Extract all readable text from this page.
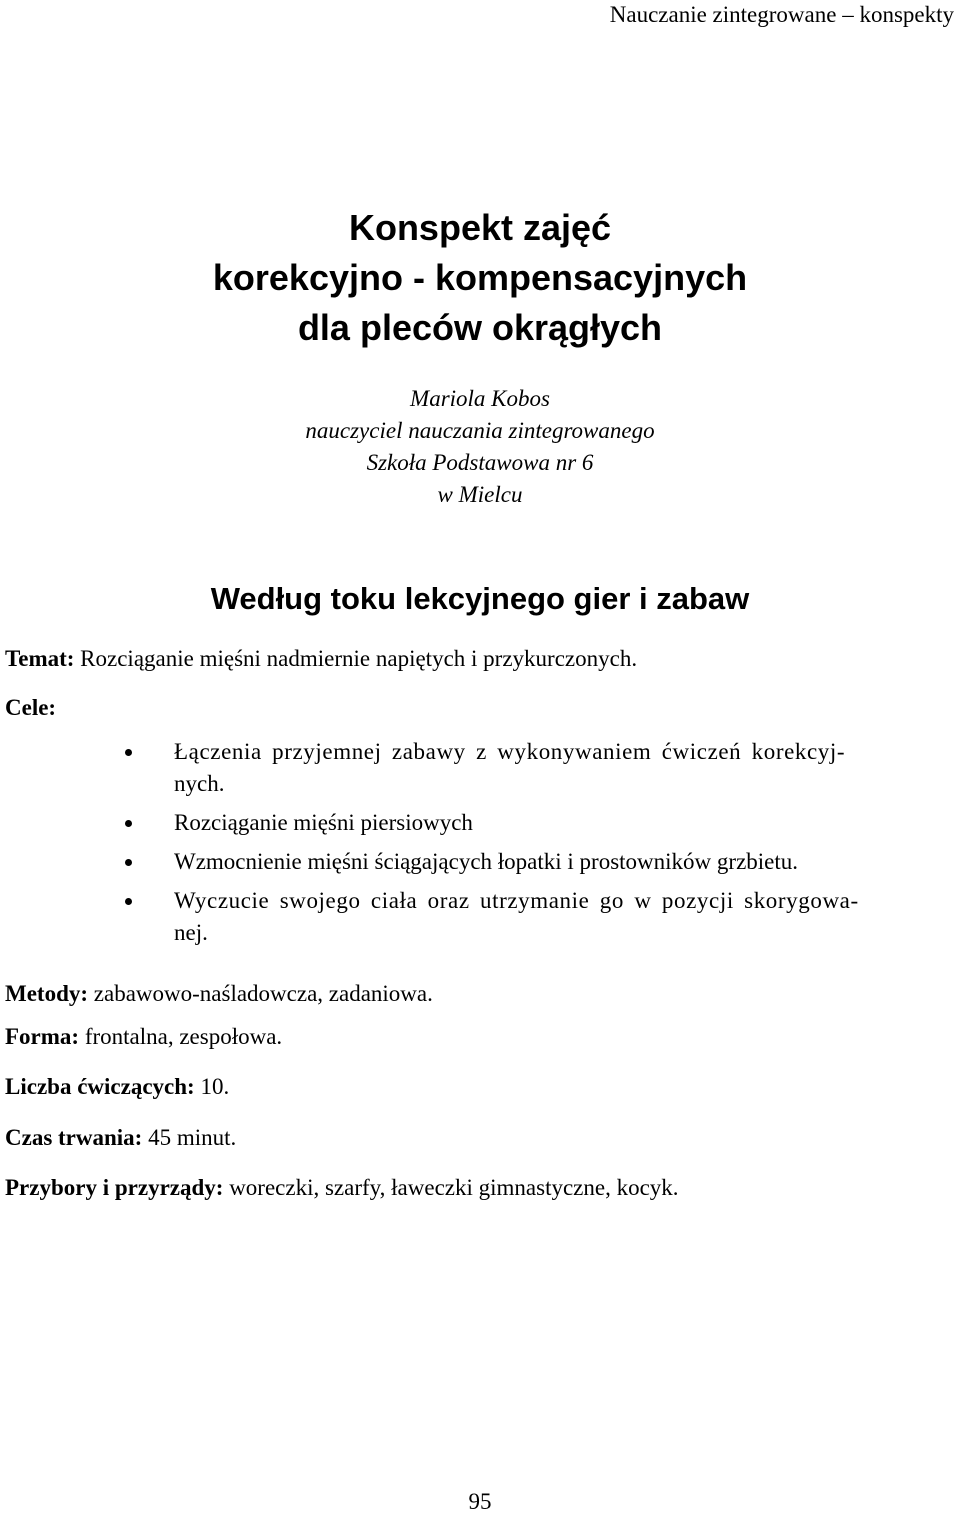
Nauczanie zintegrowane – konspekty
Konspekt zajęć
korekcyjno - kompensacyjnych
dla pleców okrągłych
Mariola Kobos
nauczyciel nauczania zintegrowanego
Szkoła Podstawowa nr 6
w Mielcu
Według toku lekcyjnego gier i zabaw
Temat: Rozciąganie mięśni nadmiernie napiętych i przykurczonych.
Cele:
Łączenia przyjemnej zabawy z wykonywaniem ćwiczeń korekcyj-
nych.
Rozciąganie mięśni piersiowych
Wzmocnienie mięśni ściągających łopatki i prostowników grzbietu.
Wyczucie swojego ciała oraz utrzymanie go w pozycji skorygowa-
nej.
Metody: zabawowo-naśladowcza, zadaniowa.
Forma: frontalna, zespołowa.
Liczba ćwiczących: 10.
Czas trwania: 45 minut.
Przybory i przyrządy: woreczki, szarfy, ławeczki gimnastyczne, kocyk.
95
